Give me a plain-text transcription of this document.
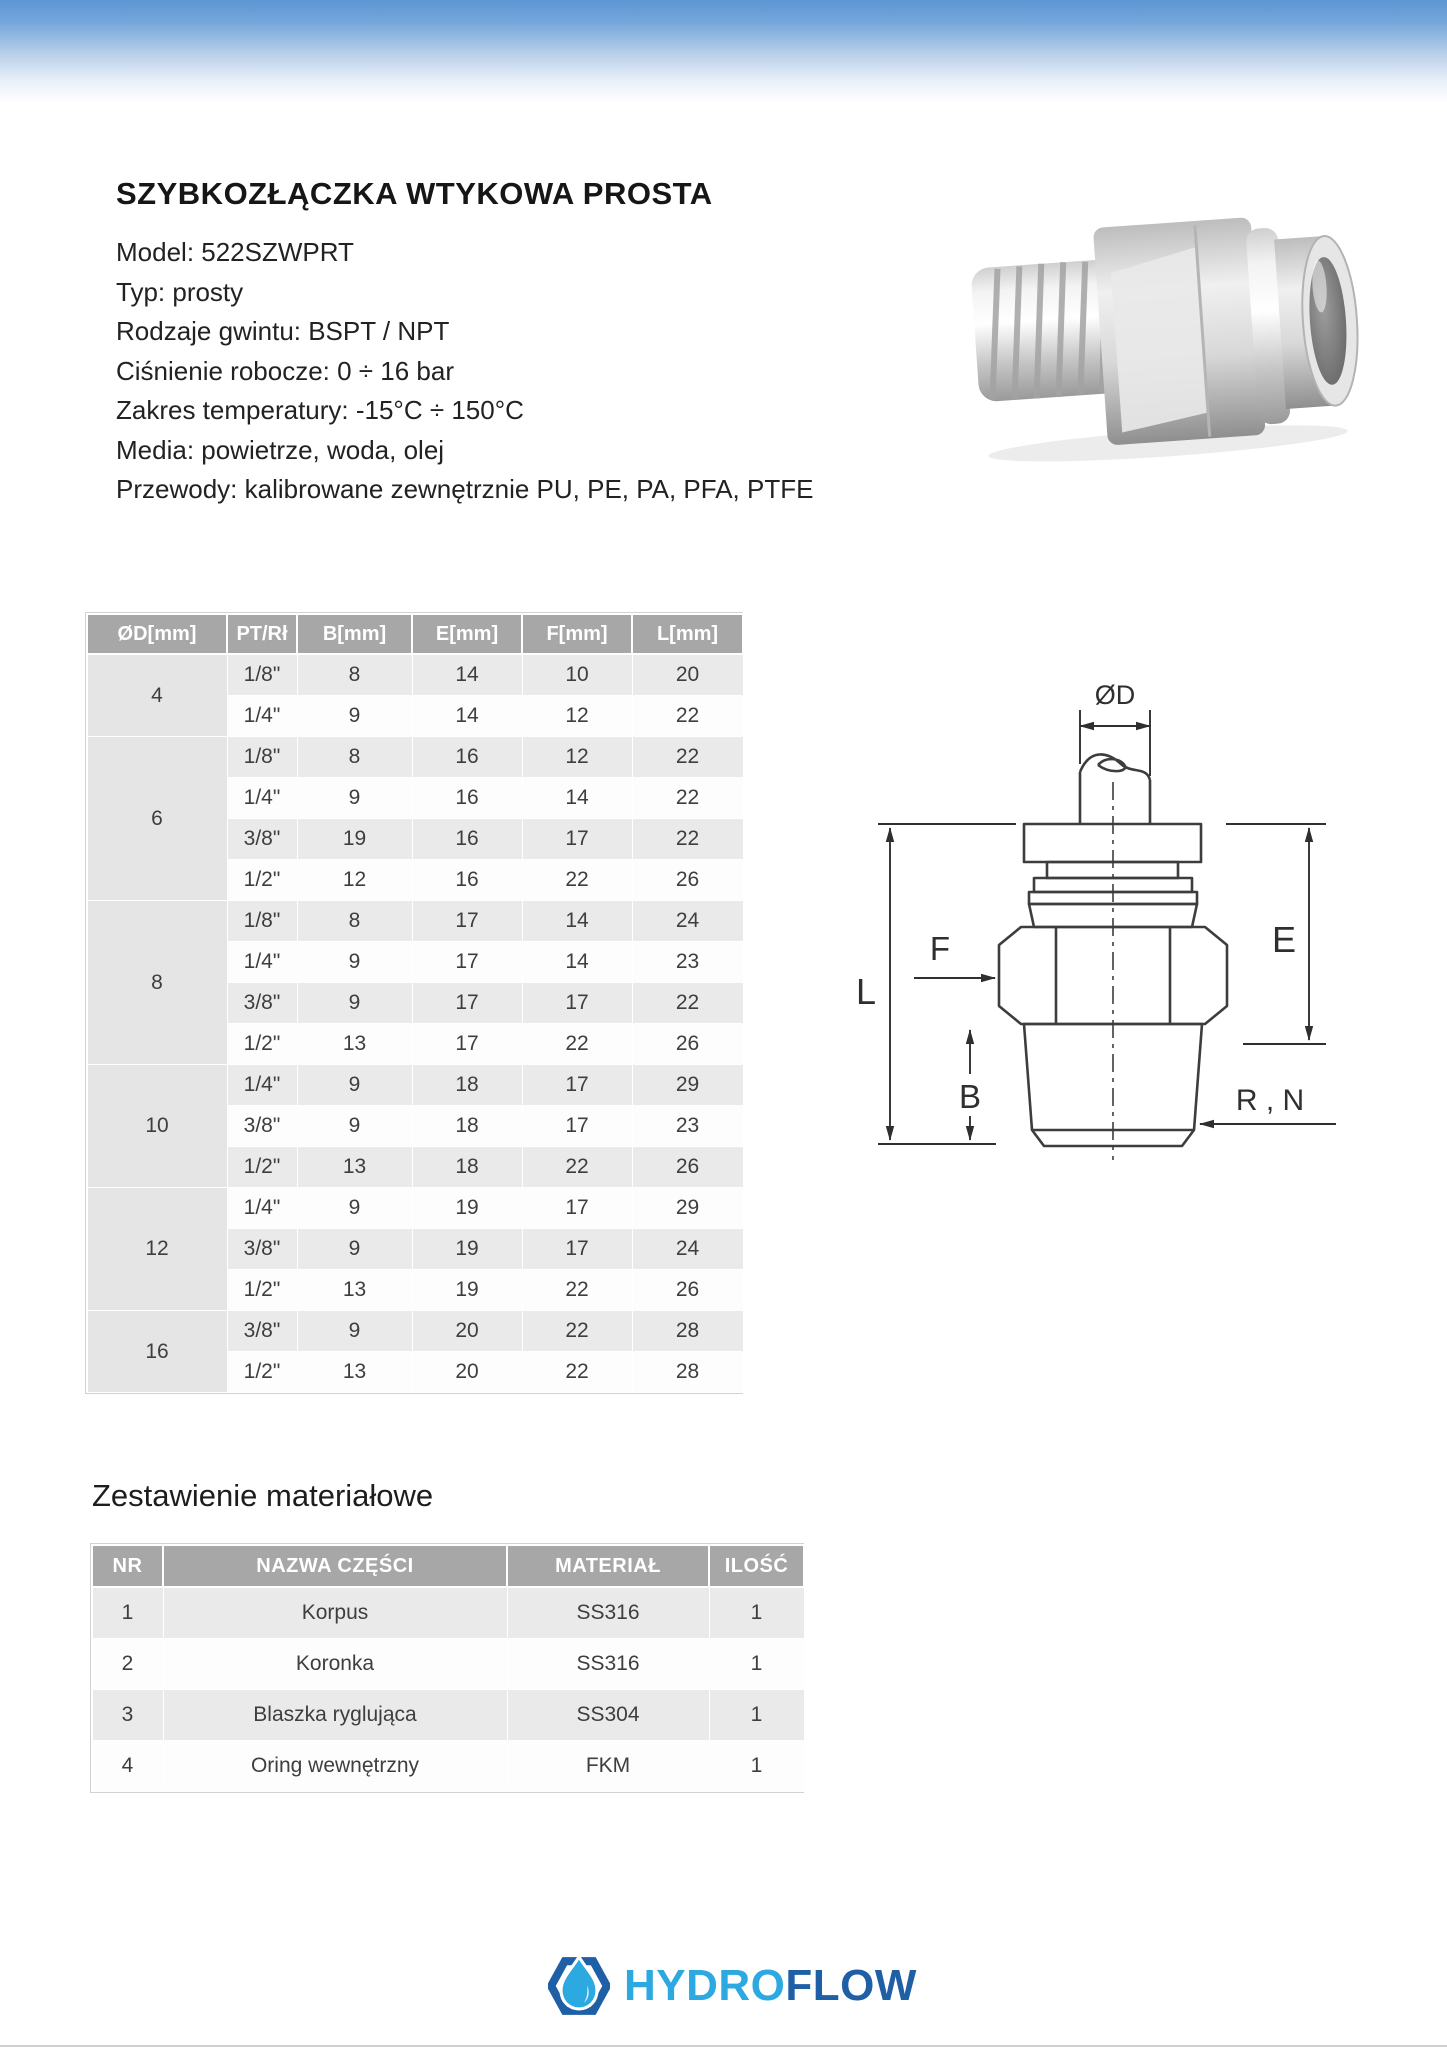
SZYBKOZŁĄCZKA WTYKOWA PROSTA
Model: 522SZWPRT
Typ: prosty
Rodzaje gwintu: BSPT / NPT
Ciśnienie robocze: 0 ÷ 16 bar
Zakres temperatury: -15°C ÷ 150°C
Media: powietrze, woda, olej
Przewody: kalibrowane zewnętrznie PU, PE, PA, PFA, PTFE
ØD[mm]	PT/Rł	B[mm]	E[mm]	F[mm]	L[mm]
4	1/8"	8	14	10	20
	1/4"	9	14	12	22
6	1/8"	8	16	12	22
	1/4"	9	16	14	22
	3/8"	19	16	17	22
	1/2"	12	16	22	26
8	1/8"	8	17	14	24
	1/4"	9	17	14	23
	3/8"	9	17	17	22
	1/2"	13	17	22	26
10	1/4"	9	18	17	29
	3/8"	9	18	17	23
	1/2"	13	18	22	26
12	1/4"	9	19	17	29
	3/8"	9	19	17	24
	1/2"	13	19	22	26
16	3/8"	9	20	22	28
	1/2"	13	20	22	28
ØD
L
F
B
E
R , N
Zestawienie materiałowe
NR	NAZWA CZĘŚCI	MATERIAŁ	ILOŚĆ
1	Korpus	SS316	1
2	Koronka	SS316	1
3	Blaszka ryglująca	SS304	1
4	Oring wewnętrzny	FKM	1
HYDROFLOW
